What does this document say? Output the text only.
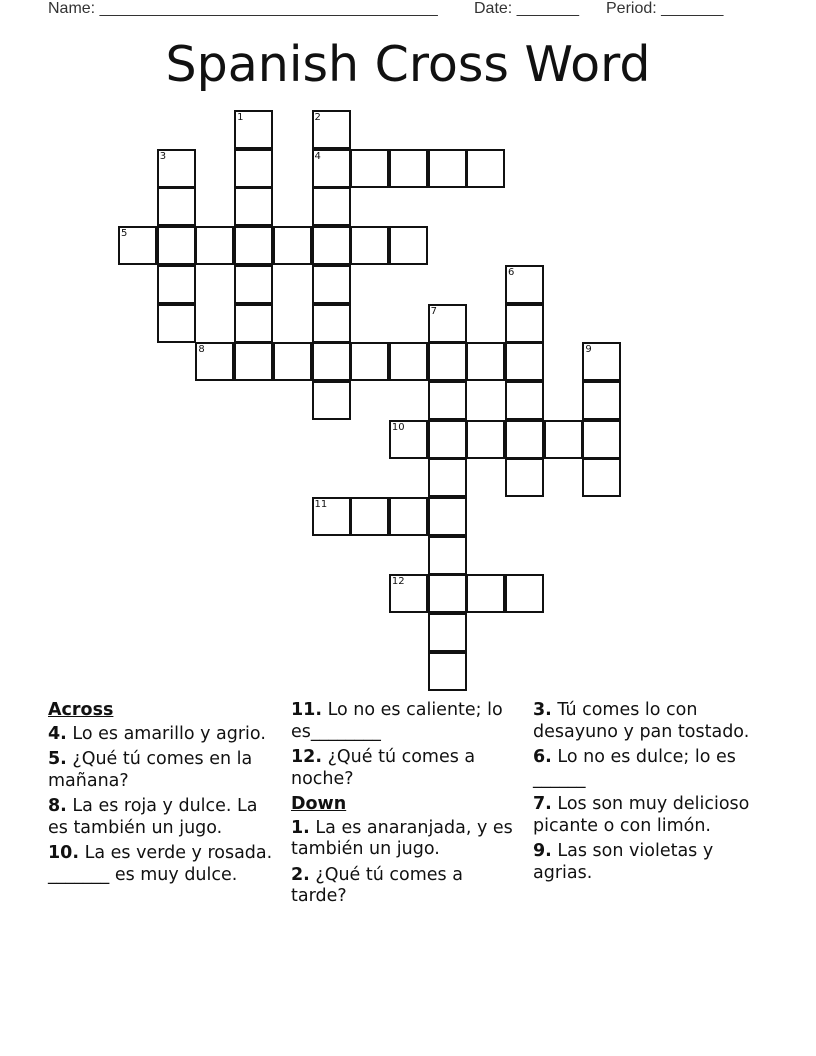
Name: ______________________________________ Date: _______ Period: _______
Spanish Cross Word
4
5
8
10
11
12
1	2
3
6
7
9
Across
4. Lo es amarillo y agrio.
5. ¿Qué tú comes en la mañana?
8. La es roja y dulce. La es también un jugo.
10. La es verde y rosada. _______ es muy dulce.
11. Lo no es caliente; lo es________
12. ¿Qué tú comes a noche?
Down
1. La es anaranjada, y es también un jugo.
2. ¿Qué tú comes a tarde?
3. Tú comes lo con desayuno y pan tostado.
6. Lo no es dulce; lo es ______
7. Los son muy delicioso picante o con limón.
9. Las son violetas y agrias.
